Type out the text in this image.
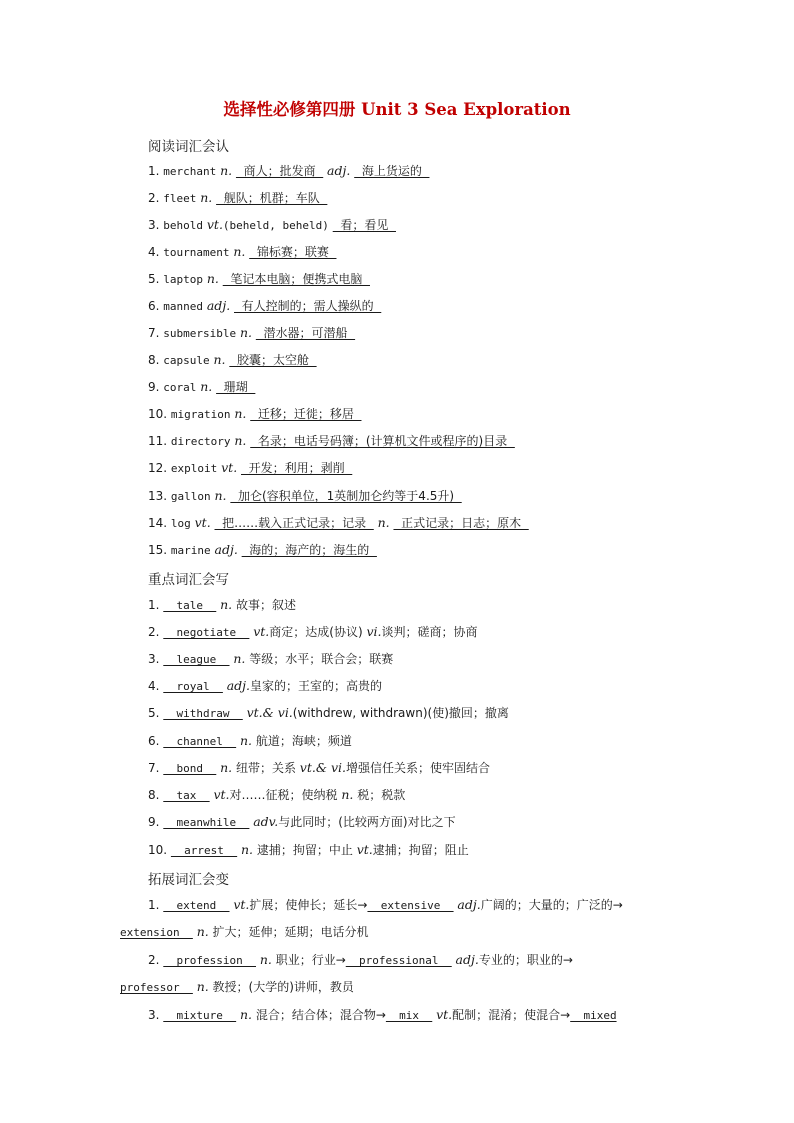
选择性必修第四册 Unit 3 Sea Exploration
阅读词汇会认
1. merchant n.   商人；批发商   adj.   海上货运的
2. fleet n.   舰队；机群；车队
3. behold vt.(beheld, beheld)   看；看见
4. tournament n.   锦标赛；联赛
5. laptop n.   笔记本电脑；便携式电脑
6. manned adj.   有人控制的；需人操纵的
7. submersible n.   潜水器；可潜船
8. capsule n.   胶囊；太空舱
9. coral n.   珊瑚
10. migration n.   迁移；迁徙；移居
11. directory n.   名录；电话号码簿；(计算机文件或程序的)目录
12. exploit vt.   开发；利用；剥削
13. gallon n.   加仑(容积单位，1英制加仑约等于4.5升)
14. log vt.   把……载入正式记录；记录   n.   正式记录；日志；原木
15. marine adj.   海的；海产的；海生的
重点词汇会写
1.   tale   n. 故事；叙述
2.   negotiate   vt.商定；达成(协议) vi.谈判；磋商；协商
3.   league   n. 等级；水平；联合会；联赛
4.   royal   adj.皇家的；王室的；高贵的
5.   withdraw   vt.& vi.(withdrew, withdrawn)(使)撤回；撤离
6.   channel   n. 航道；海峡；频道
7.   bond   n. 纽带；关系 vt.& vi.增强信任关系；使牢固结合
8.   tax   vt.对……征税；使纳税 n. 税；税款
9.   meanwhile   adv.与此同时；(比较两方面)对比之下
10.   arrest   n. 逮捕；拘留；中止 vt.逮捕；拘留；阻止
拓展词汇会变
1.   extend   vt.扩展；使伸长；延长→  extensive   adj.广阔的；大量的；广泛的→
extension   n. 扩大；延伸；延期；电话分机
2.   profession   n. 职业；行业→  professional   adj.专业的；职业的→
professor   n. 教授；(大学的)讲师，教员
3.   mixture   n. 混合；结合体；混合物→  mix   vt.配制；混淆；使混合→  mixed
